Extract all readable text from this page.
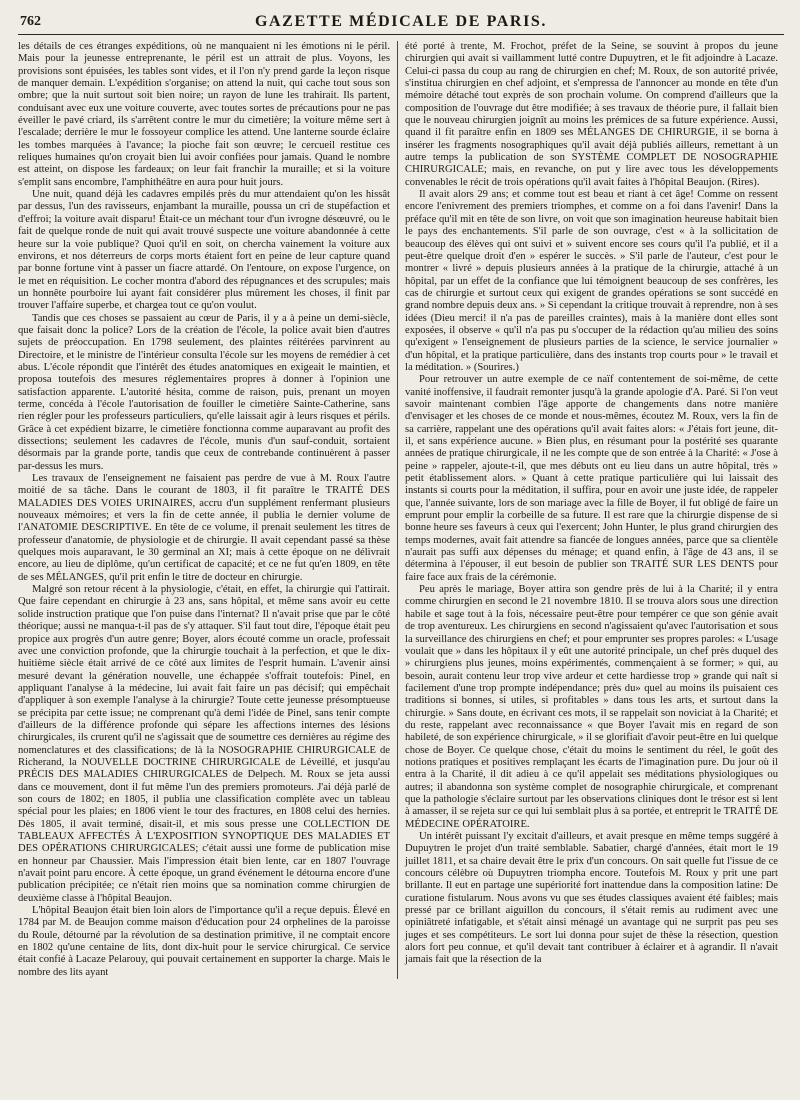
762	GAZETTE MÉDICALE DE PARIS.

les détails de ces étranges expéditions, où ne manquaient ni les émotions ni le péril. Mais pour la jeunesse entreprenante, le péril est un attrait de plus. Voyons, les provisions sont épuisées, les tables sont vides, et il l'on n'y prend garde la leçon risque de manquer demain. L'expédition s'organise; on attend la nuit, qui cache tout sous son ombre; que la nuit surtout soit bien noire; un rayon de lune les trahirait. Ils partent, conduisant avec eux une voiture couverte, avec toutes sortes de précautions pour ne pas éveiller le pavé criard, ils s'arrêtent contre le mur du cimetière; la voiture même sert à l'escalade; derrière le mur le fossoyeur complice les attend. Une lanterne sourde éclaire les tombes marquées à l'avance; la pioche fait son œuvre; le cercueil restitue ces reliques humaines qu'on croyait bien lui avoir confiées pour jamais. Quand le nombre est atteint, on dispose les fardeaux; on leur fait franchir la muraille; et si la voiture s'emplit sans encombre, l'amphithéâtre en aura pour huit jours.

Une nuit, quand déjà les cadavres empilés près du mur attendaient qu'on les hissât par dessus, l'un des ravisseurs, enjambant la muraille, poussa un cri de stupéfaction et d'effroi; la voiture avait disparu! Était-ce un méchant tour d'un ivrogne désœuvré, ou le fait de quelque ronde de nuit qui avait trouvé suspecte une voiture abandonnée à cette heure sur la voie publique? Quoi qu'il en soit, on chercha vainement la voiture aux environs, et nos déterreurs de corps morts étaient fort en peine de leur capture quand par bonne fortune vint à passer un fiacre attardé. On l'entoure, on expose l'urgence, on le met en réquisition. Le cocher montra d'abord des répugnances et des scrupules; mais un honnête pourboire lui ayant fait considérer plus mûrement les choses, il finit par trouver l'affaire superbe, et chargea tout ce qu'on voulut.

Tandis que ces choses se passaient au cœur de Paris, il y a à peine un demi-siècle, que faisait donc la police? Lors de la création de l'école, la police avait bien d'autres sujets de préoccupation. En 1798 seulement, des plaintes réitérées parvinrent au Directoire, et le ministre de l'intérieur consulta l'école sur les moyens de remédier à cet abus. L'école répondit que l'intérêt des études anatomiques en exigeait le maintien, et proposa toutefois des mesures réglementaires propres à donner à l'opinion une satisfaction apparente. L'autorité hésita, comme de raison, puis, prenant un moyen terme, concéda à l'école l'autorisation de fouiller le cimetière Sainte-Catherine, sans rien régler pour les professeurs particuliers, qu'elle laissait agir à leurs risques et périls. Grâce à cet expédient bizarre, le cimetière fonctionna comme auparavant au profit des dissections; seulement les cadavres de l'école, munis d'un sauf-conduit, sortaient désormais par la grande porte, tandis que ceux de contrebande continuèrent à passer par-dessus les murs.

Les travaux de l'enseignement ne faisaient pas perdre de vue à M. Roux l'autre moitié de sa tâche. Dans le courant de 1803, il fit paraître le TRAITÉ DES MALADIES DES VOIES URINAIRES, accru d'un supplément renfermant plusieurs nouveaux mémoires; et vers la fin de cette année, il publia le dernier volume de l'ANATOMIE DESCRIPTIVE. En tête de ce volume, il prenait seulement les titres de professeur d'anatomie, de physiologie et de chirurgie. Il avait cependant passé sa thèse quelques mois auparavant, le 30 germinal an XI; mais à cette époque on ne délivrait encore, au lieu de diplôme, qu'un certificat de capacité; et ce ne fut qu'en 1809, en tête de ses MÉLANGES, qu'il prit enfin le titre de docteur en chirurgie.

Malgré son retour récent à la physiologie, c'était, en effet, la chirurgie qui l'attirait. Que faire cependant en chirurgie à 23 ans, sans hôpital, et même sans avoir eu cette solide instruction pratique que l'on puise dans l'internat? Il n'avait prise que par le côté théorique; aussi ne manqua-t-il pas de s'y attaquer. S'il faut tout dire, l'époque était peu propice aux progrès d'un autre genre; Boyer, alors écouté comme un oracle, professait avec une conviction profonde, que la chirurgie touchait à la perfection, et que le dix-huitième siècle était arrivé de ce côté aux limites de l'esprit humain. L'avenir ainsi mesuré devant la génération nouvelle, une échappée s'offrait toutefois: Pinel, en appliquant l'analyse à la médecine, lui avait fait faire un pas décisif; qui empêchait d'appliquer à son exemple l'analyse à la chirurgie? Toute cette jeunesse présomptueuse se précipita par cette issue; ne comprenant qu'à demi l'idée de Pinel, sans tenir compte d'ailleurs de la différence profonde qui sépare les affections internes des lésions chirurgicales, ils crurent qu'il ne s'agissait que de soumettre ces dernières au régime des nomenclatures et des classifications; de là la NOSOGRAPHIE CHIRURGICALE de Richerand, la NOUVELLE DOCTRINE CHIRURGICALE de Léveillé, et jusqu'au PRÉCIS DES MALADIES CHIRURGICALES de Delpech. M. Roux se jeta aussi dans ce mouvement, dont il fut même l'un des premiers promoteurs. J'ai déjà parlé de son cours de 1802; en 1805, il publia une classification complète avec un tableau spécial pour les plaies; en 1806 vient le tour des fractures, en 1808 celui des hernies. Dès 1805, il avait terminé, disait-il, et mis sous presse une COLLECTION DE TABLEAUX AFFECTÉS À L'EXPOSITION SYNOPTIQUE DES MALADIES ET DES OPÉRATIONS CHIRURGICALES; c'était aussi une forme de publication mise en honneur par Chaussier. Mais l'impression était bien lente, car en 1807 l'ouvrage n'avait point paru encore. À cette époque, un grand événement le détourna encore d'une publication précipitée; ce n'était rien moins que sa nomination comme chirurgien de deuxième classe à l'hôpital Beaujon.

L'hôpital Beaujon était bien loin alors de l'importance qu'il a reçue depuis. Élevé en 1784 par M. de Beaujon comme maison d'éducation pour 24 orphelines de la paroisse du Roule, détourné par la révolution de sa destination primitive, il ne comptait encore en 1802 qu'une centaine de lits, dont dix-huit pour le service chirurgical. Ce service était confié à Lacaze Pelarouy, qui pouvait certainement en supporter la charge. Mais le nombre des lits ayant

été porté à trente, M. Frochot, préfet de la Seine, se souvint à propos du jeune chirurgien qui avait si vaillamment lutté contre Dupuytren, et le fit adjoindre à Lacaze. Celui-ci passa du coup au rang de chirurgien en chef; M. Roux, de son autorité privée, s'institua chirurgien en chef adjoint, et s'empressa de l'annoncer au monde en tête d'un mémoire détaché tout exprès de son prochain volume. On comprend d'ailleurs que la composition de l'ouvrage dut être modifiée; à ses travaux de théorie pure, il fallait bien que le nouveau chirurgien joignît au moins les prémices de sa future expérience. Aussi, quand il fit paraître enfin en 1809 ses MÉLANGES DE CHIRURGIE, il se borna à insérer les fragments nosographiques qu'il avait déjà publiés ailleurs, remettant à un autre temps la publication de son SYSTÈME COMPLET DE NOSOGRAPHIE CHIRURGICALE; mais, en revanche, on put y lire avec tous les développements convenables le récit de trois opérations qu'il avait faites à l'hôpital Beaujon. (Rires).

Il avait alors 29 ans; et comme tout est beau et riant à cet âge! Comme on ressent encore l'enivrement des premiers triomphes, et comme on a foi dans l'avenir! Dans la préface qu'il mit en tête de son livre, on voit que son imagination heureuse habitait bien le pays des enchantements. S'il parle de son ouvrage, c'est « à la sollicitation de beaucoup des élèves qui ont suivi et » suivent encore ses cours qu'il l'a publié, et il a peut-être quelque droit d'en » espérer le succès. » S'il parle de l'auteur, c'est pour le montrer « livré » depuis plusieurs années à la pratique de la chirurgie, attaché à un hôpital, par un effet de la confiance que lui témoignent beaucoup de ses confrères, les cas de chirurgie et surtout ceux qui exigent de grandes opérations se sont succédé en grand nombre depuis deux ans. » Si cependant la critique trouvait à reprendre, non à ses idées (Dieu merci! il n'a pas de pareilles craintes), mais à la manière dont elles sont exposées, il observe « qu'il n'a pas pu s'occuper de la rédaction qu'au milieu des soins qu'exigent » l'enseignement de plusieurs parties de la science, le service journalier » d'un hôpital, et la pratique particulière, dans des instants trop courts pour » le travail et la méditation. » (Sourires.)

Pour retrouver un autre exemple de ce naïf contentement de soi-même, de cette vanité inoffensive, il faudrait remonter jusqu'à la grande apologie d'A. Paré. Si l'on veut savoir maintenant combien l'âge apporte de changements dans notre manière d'envisager et les choses de ce monde et nous-mêmes, écoutez M. Roux, vers la fin de sa carrière, rappelant une des opérations qu'il avait faites alors: « J'étais fort jeune, dit-il, et sans expérience aucune. » Bien plus, en résumant pour la postérité ses quarante années de pratique chirurgicale, il ne les compte que de son entrée à la Charité: « J'ose à peine » rappeler, ajoute-t-il, que mes débuts ont eu lieu dans un autre hôpital, très » petit établissement alors. » Quant à cette pratique particulière qui lui laissait des instants si courts pour la méditation, il suffira, pour en avoir une juste idée, de rappeler que, l'année suivante, lors de son mariage avec la fille de Boyer, il fut obligé de faire un emprunt pour emplir la corbeille de sa future. Il est rare que la chirurgie dispense de si bonne heure ses faveurs à ceux qui l'exercent; John Hunter, le plus grand chirurgien des temps modernes, avait fait attendre sa fiancée de longues années, parce que sa clientèle n'aurait pas suffi aux dépenses du ménage; et quand enfin, à l'âge de 43 ans, il se détermina à l'épouser, il eut besoin de publier son TRAITÉ SUR LES DENTS pour faire face aux frais de la cérémonie.

Peu après le mariage, Boyer attira son gendre près de lui à la Charité; il y entra comme chirurgien en second le 21 novembre 1810. Il se trouva alors sous une direction habile et sage tout à la fois, nécessaire peut-être pour tempérer ce que son génie avait de trop aventureux. Les chirurgiens en second n'agissaient qu'avec l'autorisation et sous la surveillance des chirurgiens en chef; et pour emprunter ses propres paroles: « L'usage voulait que » dans les hôpitaux il y eût une autorité principale, un chef près duquel des » chirurgiens plus jeunes, moins expérimentés, commençaient à se former; » qui, au besoin, aurait contenu leur trop vive ardeur et cette hardiesse trop » grande qui naît si facilement d'une trop prompte indépendance; près du» quel au moins ils puisaient ces traditions si bonnes, si utiles, si profitables » dans tous les arts, et surtout dans la chirurgie. » Sans doute, en écrivant ces mots, il se rappelait son noviciat à la Charité; et du reste, rappelant avec reconnaissance « que Boyer l'avait mis en regard de son habileté, de son expérience chirurgicale, » il se glorifiait d'avoir peut-être en lui quelque chose de Boyer. Ce quelque chose, c'était du moins le sentiment du réel, le goût des notions pratiques et positives remplaçant les écarts de l'imagination pure. Du jour où il entra à la Charité, il dit adieu à ce qu'il appelait ses méditations physiologiques ou autres; il abandonna son système complet de nosographie chirurgicale, et comprenant que la pathologie s'éclaire surtout par les observations cliniques dont le trésor est si lent à amasser, il se rejeta sur ce qui lui semblait plus à sa portée, et entreprit le TRAITÉ DE MÉDECINE OPÉRATOIRE.

Un intérêt puissant l'y excitait d'ailleurs, et avait presque en même temps suggéré à Dupuytren le projet d'un traité semblable. Sabatier, chargé d'années, était mort le 19 juillet 1811, et sa chaire devait être le prix d'un concours. On sait quelle fut l'issue de ce concours célèbre où Dupuytren triompha encore. Toutefois M. Roux y prit une part brillante. Il eut en partage une supériorité fort inattendue dans la composition latine: De curatione fistularum. Nous avons vu que ses études classiques avaient été faibles; mais pressé par ce brillant aiguillon du concours, il s'était remis au rudiment avec une opiniâtreté infatigable, et s'était ainsi ménagé un avantage qui ne surprit pas peu ses juges et ses compétiteurs. Le sort lui donna pour sujet de thèse la résection, question alors fort peu connue, et qu'il devait tant contribuer à éclairer et à agrandir. Il n'avait jamais fait que la résection de la
